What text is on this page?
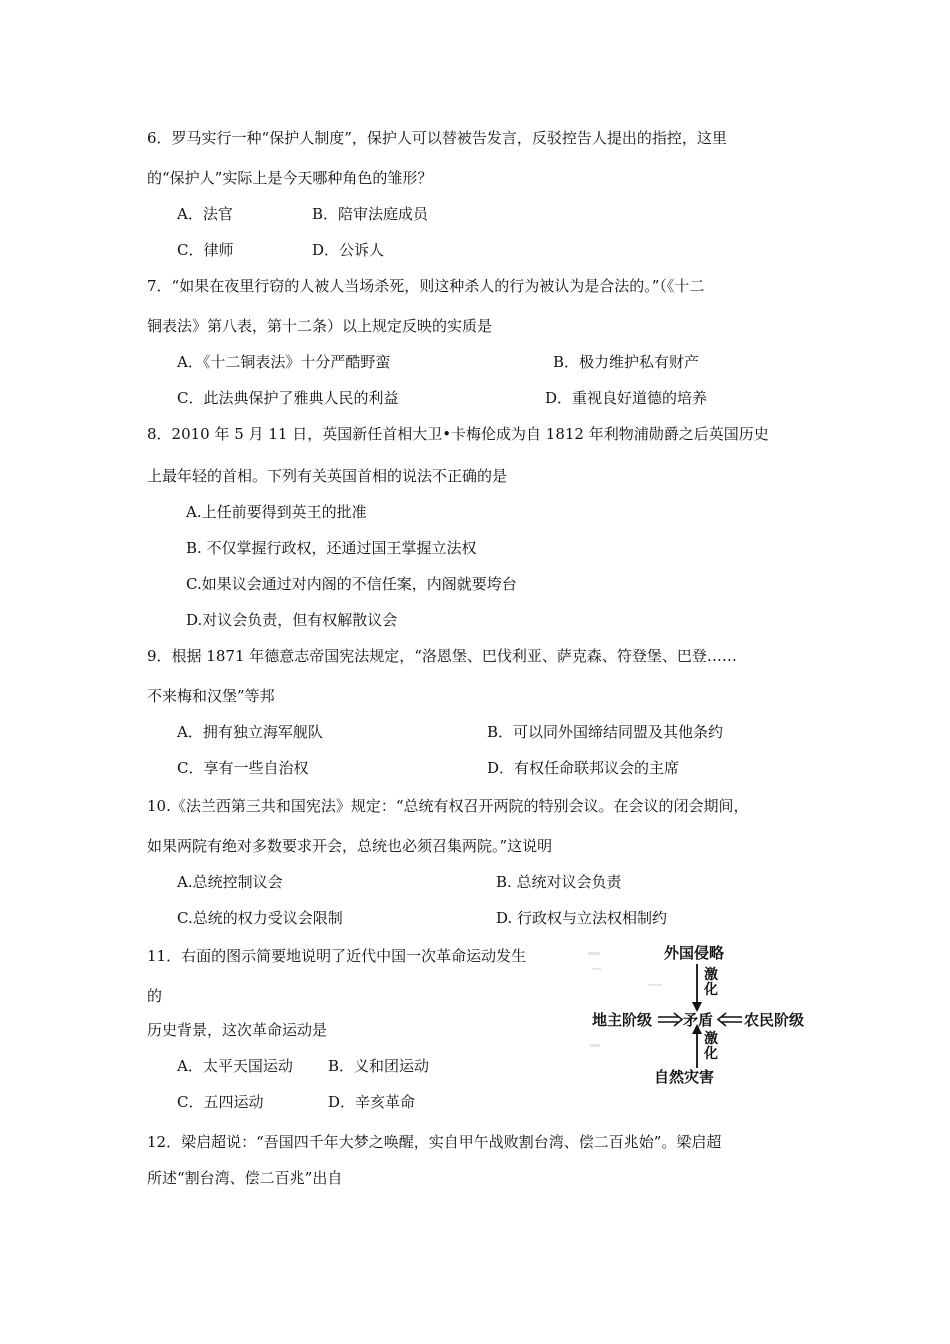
6．罗马实行一种“保护人制度”，保护人可以替被告发言，反驳控告人提出的指控，这里
的“保护人”实际上是今天哪种角色的雏形？
A．法官	B．陪审法庭成员
C．律师	D．公诉人
7．“如果在夜里行窃的人被人当场杀死，则这种杀人的行为被认为是合法的。”（《十二
铜表法》第八表，第十二条）以上规定反映的实质是
A．《十二铜表法》十分严酷野蛮	B．极力维护私有财产
C．此法典保护了雅典人民的利益	D．重视良好道德的培养
8．2010 年 5 月 11 日，英国新任首相大卫•卡梅伦成为自 1812 年利物浦勋爵之后英国历史
上最年轻的首相。下列有关英国首相的说法不正确的是
A.上任前要得到英王的批准
B. 不仅掌握行政权，还通过国王掌握立法权
C.如果议会通过对内阁的不信任案，内阁就要垮台
D.对议会负责，但有权解散议会
9．根据 1871 年德意志帝国宪法规定，“洛恩堡、巴伐利亚、萨克森、符登堡、巴登……
不来梅和汉堡”等邦
A．拥有独立海军舰队	B．可以同外国缔结同盟及其他条约
C．享有一些自治权	D．有权任命联邦议会的主席
10.《法兰西第三共和国宪法》规定：“总统有权召开两院的特别会议。在会议的闭会期间，
如果两院有绝对多数要求开会，总统也必须召集两院。”这说明
A.总统控制议会	B. 总统对议会负责
C.总统的权力受议会限制	D. 行政权与立法权相制约
11．右面的图示简要地说明了近代中国一次革命运动发生
的
历史背景，这次革命运动是
A．太平天国运动 B．义和团运动
C．五四运动	D．辛亥革命
外国侵略
激化
地主阶级 矛盾 农民阶级
激化
自然灾害
12．梁启超说：“吾国四千年大梦之唤醒，实自甲午战败割台湾、偿二百兆始”。梁启超
所述“割台湾、偿二百兆”出自
